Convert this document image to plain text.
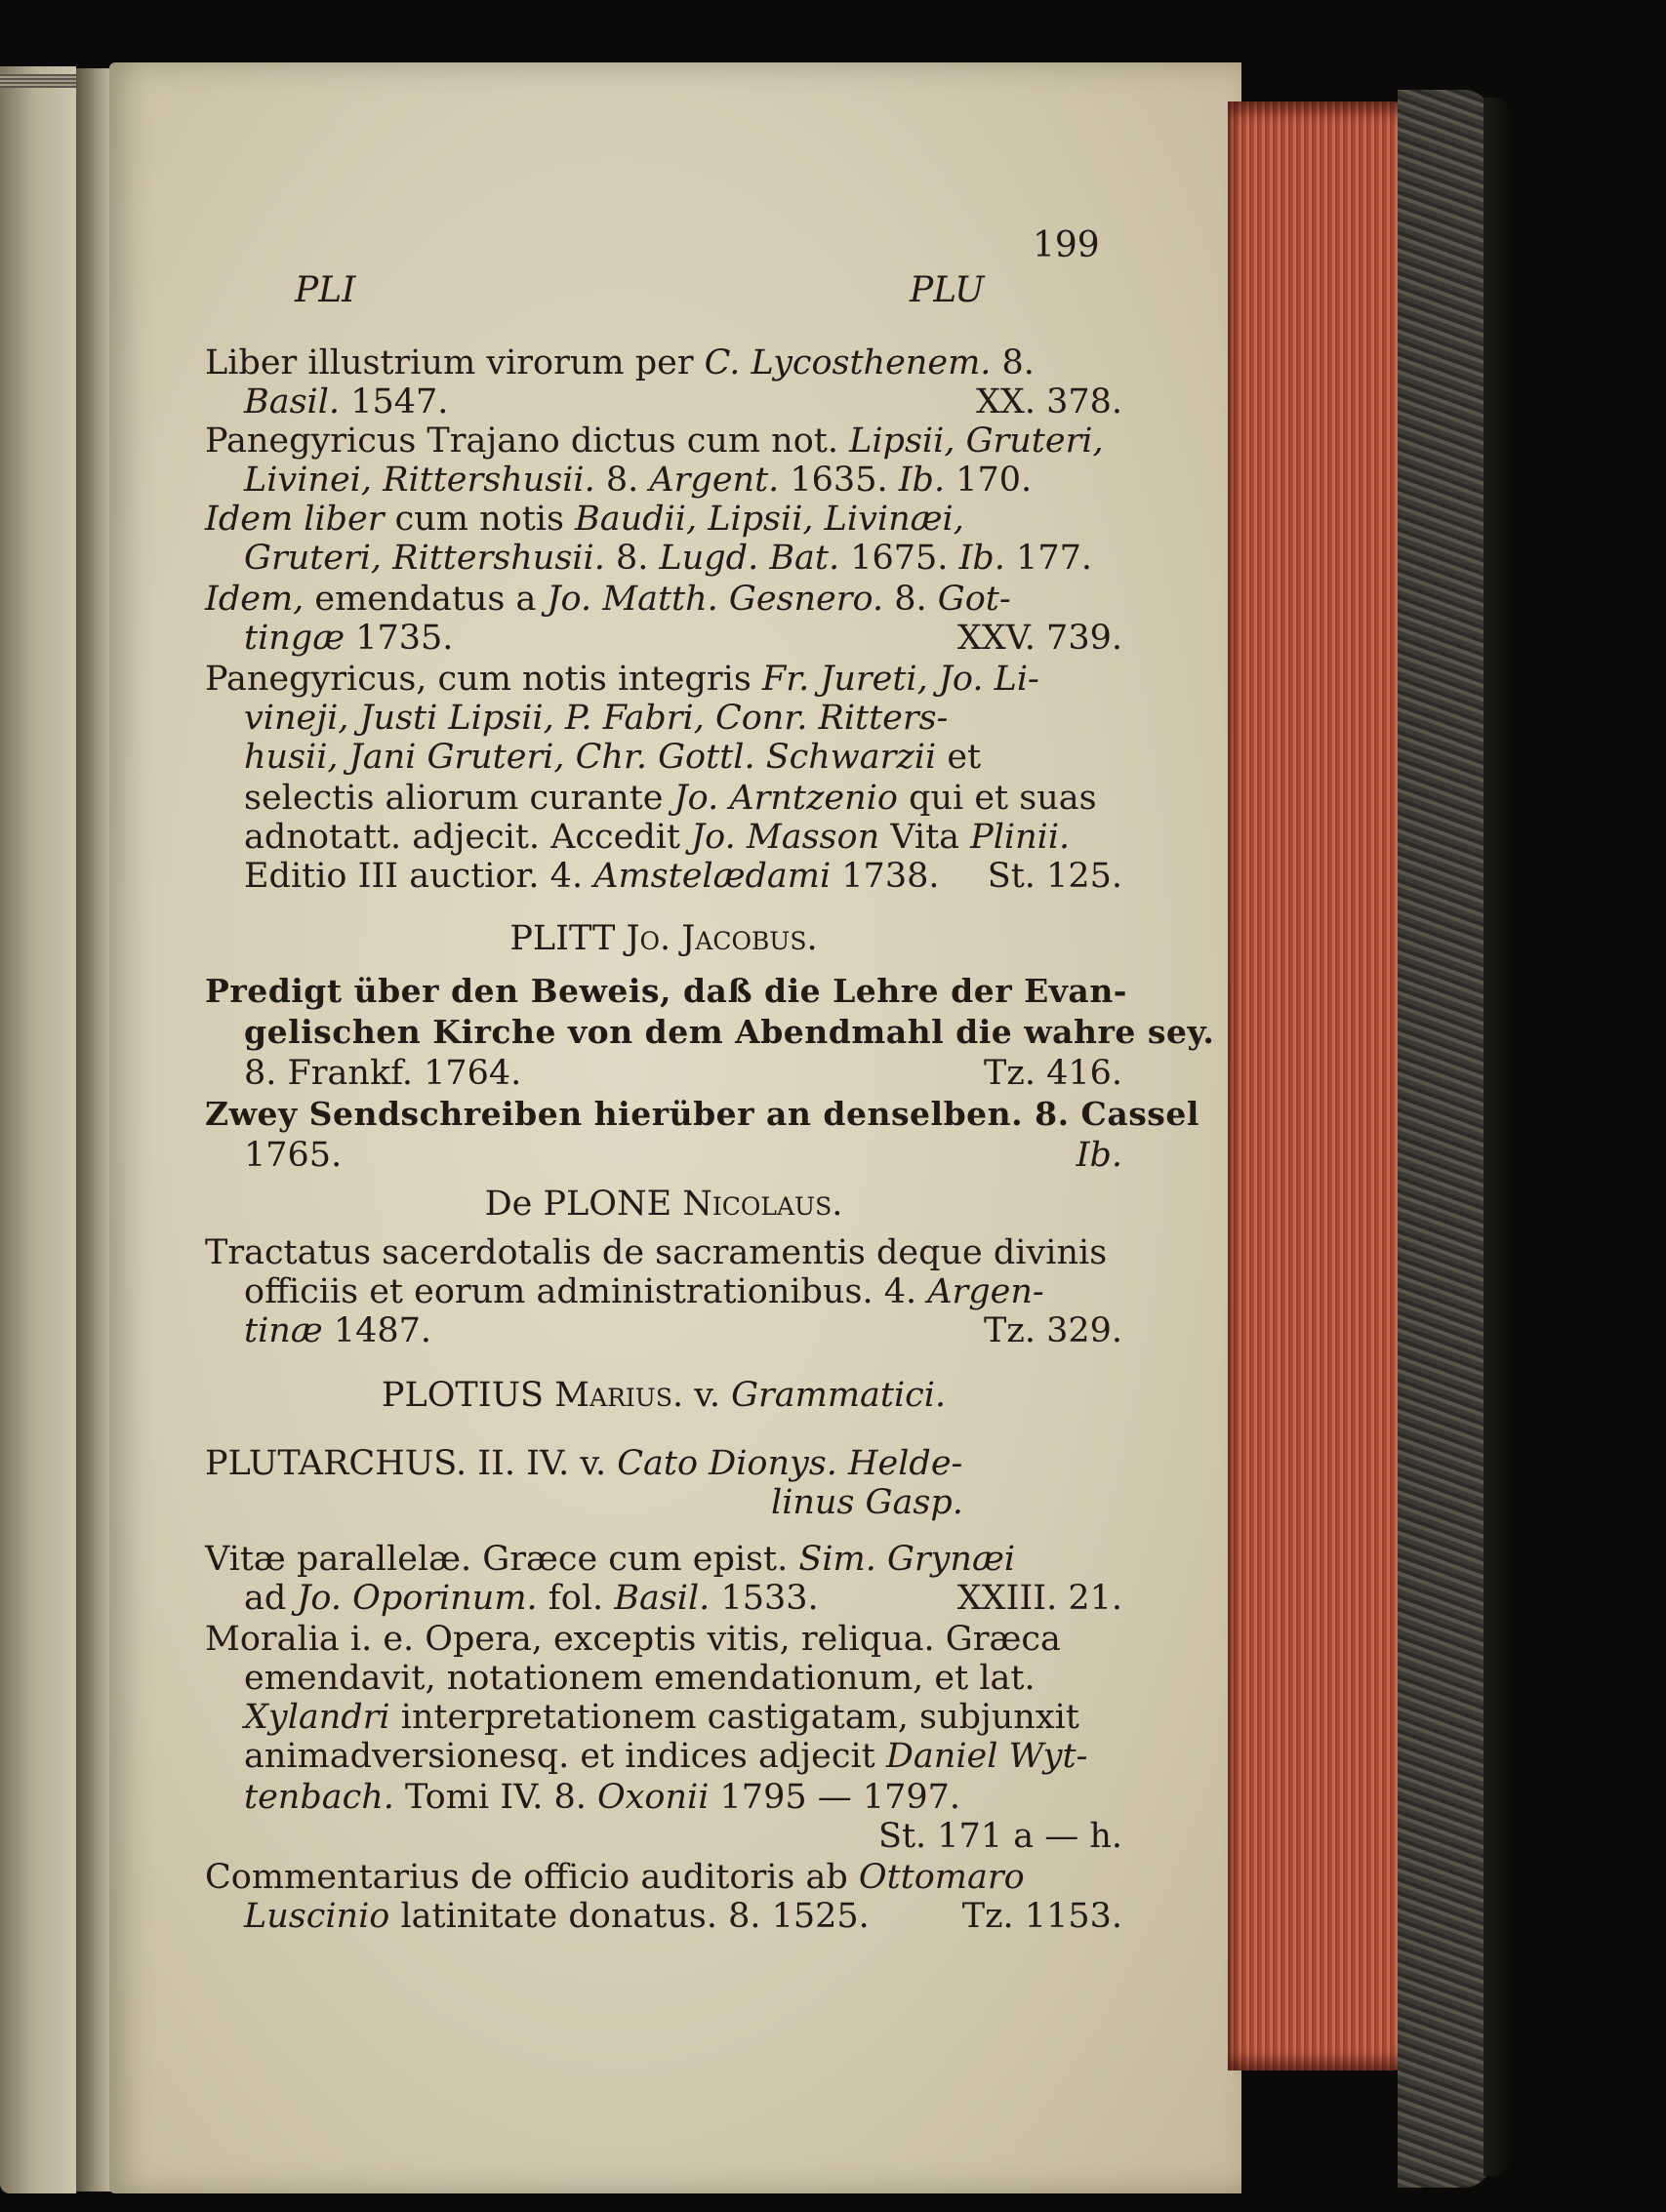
199
PLI	PLU
Liber illustrium virorum per C. Lycosthenem. 8.
Basil. 1547.	XX. 378.
Panegyricus Trajano dictus cum not. Lipsii, Gruteri,
Livinei, Rittershusii. 8. Argent. 1635. Ib. 170.
Idem liber cum notis Baudii, Lipsii, Livinæi,
Gruteri, Rittershusii. 8. Lugd. Bat. 1675. Ib. 177.
Idem, emendatus a Jo. Matth. Gesnero. 8. Got-
tingæ 1735.	XXV. 739.
Panegyricus, cum notis integris Fr. Jureti, Jo. Li-
vineji, Justi Lipsii, P. Fabri, Conr. Ritters-
husii, Jani Gruteri, Chr. Gottl. Schwarzii et
selectis aliorum curante Jo. Arntzenio qui et suas
adnotatt. adjecit. Accedit Jo. Masson Vita Plinii.
Editio III auctior. 4. Amstelædami 1738.	St. 125.
PLITT Jo. Jacobus.
Predigt über den Beweis, daß die Lehre der Evan-
gelischen Kirche von dem Abendmahl die wahre sey.
8. Frankf. 1764.	Tz. 416.
Zwey Sendschreiben hierüber an denselben. 8. Cassel
1765.	Ib.
De PLONE Nicolaus.
Tractatus sacerdotalis de sacramentis deque divinis
officiis et eorum administrationibus. 4. Argen-
tinæ 1487.	Tz. 329.
PLOTIUS Marius. v. Grammatici.
PLUTARCHUS. II. IV. v. Cato Dionys. Helde-
linus Gasp.
Vitæ parallelæ. Græce cum epist. Sim. Grynæi
ad Jo. Oporinum. fol. Basil. 1533.	XXIII. 21.
Moralia i. e. Opera, exceptis vitis, reliqua. Græca
emendavit, notationem emendationum, et lat.
Xylandri interpretationem castigatam, subjunxit
animadversionesq. et indices adjecit Daniel Wyt-
tenbach. Tomi IV. 8. Oxonii 1795 — 1797.
St. 171 a — h.
Commentarius de officio auditoris ab Ottomaro
Luscinio latinitate donatus. 8. 1525.	Tz. 1153.
